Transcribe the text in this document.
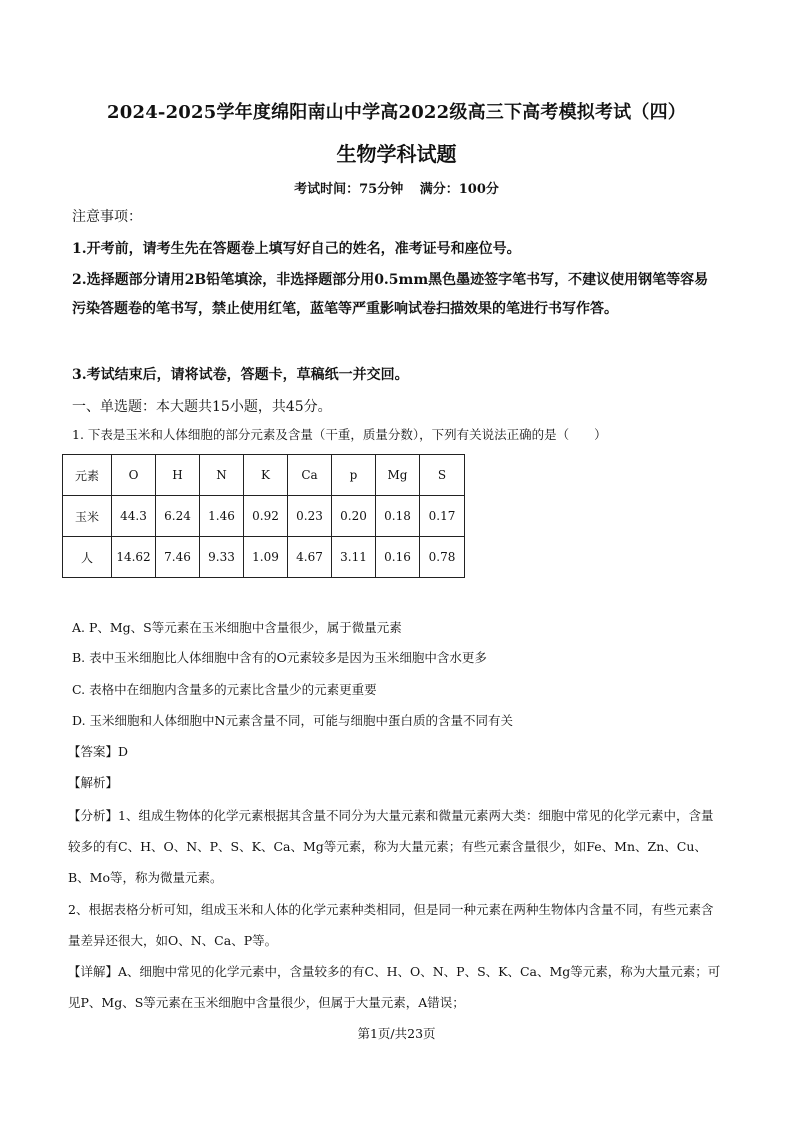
2024-2025学年度绵阳南山中学高2022级高三下高考模拟考试（四）
生物学科试题
考试时间：75分钟 满分：100分
注意事项：
1.开考前，请考生先在答题卷上填写好自己的姓名，准考证号和座位号。
2.选择题部分请用2B铅笔填涂，非选择题部分用0.5mm黑色墨迹签字笔书写，不建议使用钢笔等容易污染答题卷的笔书写，禁止使用红笔，蓝笔等严重影响试卷扫描效果的笔进行书写作答。
3.考试结束后，请将试卷，答题卡，草稿纸一并交回。
一、单选题：本大题共15小题，共45分。
1. 下表是玉米和人体细胞的部分元素及含量（干重，质量分数），下列有关说法正确的是（　　）
元素	O	H	N	K	Ca	p	Mg	S
玉米	44.3	6.24	1.46	0.92	0.23	0.20	0.18	0.17
人	14.62	7.46	9.33	1.09	4.67	3.11	0.16	0.78
A. P、Mg、S等元素在玉米细胞中含量很少，属于微量元素
B. 表中玉米细胞比人体细胞中含有的O元素较多是因为玉米细胞中含水更多
C. 表格中在细胞内含量多的元素比含量少的元素更重要
D. 玉米细胞和人体细胞中N元素含量不同，可能与细胞中蛋白质的含量不同有关
【答案】D
【解析】
【分析】1、组成生物体的化学元素根据其含量不同分为大量元素和微量元素两大类：细胞中常见的化学元素中，含量较多的有C、H、O、N、P、S、K、Ca、Mg等元素，称为大量元素；有些元素含量很少，如Fe、Mn、Zn、Cu、B、Mo等，称为微量元素。
2、根据表格分析可知，组成玉米和人体的化学元素种类相同，但是同一种元素在两种生物体内含量不同，有些元素含量差异还很大，如O、N、Ca、P等。
【详解】A、细胞中常见的化学元素中，含量较多的有C、H、O、N、P、S、K、Ca、Mg等元素，称为大量元素；可见P、Mg、S等元素在玉米细胞中含量很少，但属于大量元素，A错误；
第1页/共23页
